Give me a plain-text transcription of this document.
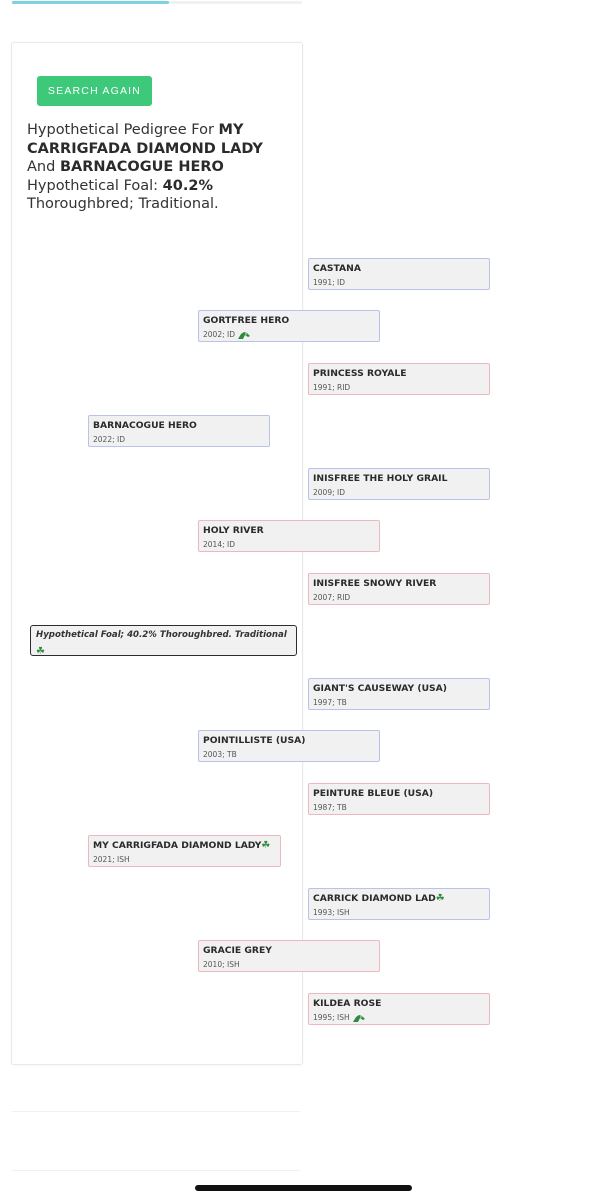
SEARCH AGAIN
Hypothetical Pedigree For MY CARRIGFADA DIAMOND LADY And BARNACOGUE HERO Hypothetical Foal: 40.2% Thoroughbred; Traditional.
CASTANA
1991; ID
PRINCESS ROYALE
1991; RID
INISFREE THE HOLY GRAIL
2009; ID
INISFREE SNOWY RIVER
2007; RID
GIANT'S CAUSEWAY (USA)
1997; TB
PEINTURE BLEUE (USA)
1987; TB
CARRICK DIAMOND LAD☘
1993; ISH
KILDEA ROSE
1995; ISH
GORTFREE HERO
2002; ID
HOLY RIVER
2014; ID
POINTILLISTE (USA)
2003; TB
GRACIE GREY
2010; ISH
BARNACOGUE HERO
2022; ID
MY CARRIGFADA DIAMOND LADY☘
2021; ISH
Hypothetical Foal; 40.2% Thoroughbred. Traditional
☘
